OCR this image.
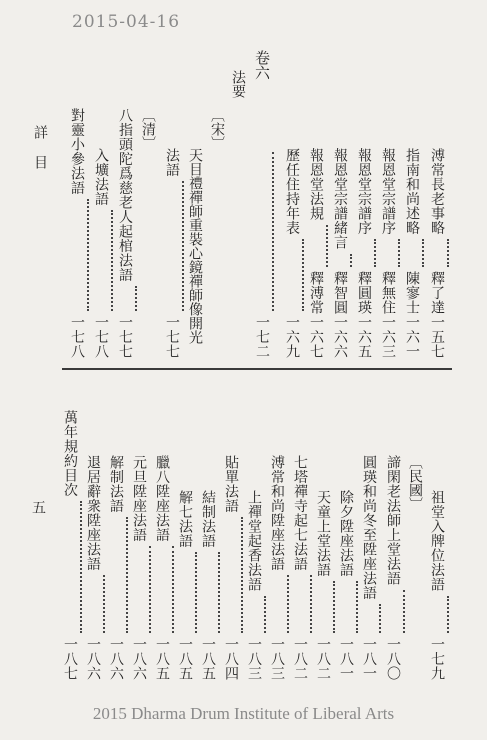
2015-04-16
詳目
五
溥常長老事略
釋了達
一五七
指南和尚述略
陳寥士
一六一
報恩堂宗譜序
釋無住
一六三
報恩堂宗譜序
釋圓瑛
一六五
報恩堂宗譜緒言
釋智圓
一六六
報恩堂法規
釋溥常
一六七
歷任住持年表
一六九
卷六
一七二
法要
〔宋〕
天目禮禪師重裝心鏡禪師像開光
法語
一七七
〔清〕
八指頭陀爲慈老人起棺法語
一七七
入壙法語
一七八
對靈小參法語
一七八
祖堂入牌位法語
一七九
〔民國〕
諦閑老法師上堂法語
一八〇
圓瑛和尚冬至陞座法語
一八一
除夕陞座法語
一八一
天童上堂法語
一八二
七塔禪寺起七法語
一八二
溥常和尚陞座法語
一八三
上禪堂起香法語
一八三
貼單法語
一八四
結制法語
一八五
解七法語
一八五
臘八陞座法語
一八五
元旦陞座法語
一八六
解制法語
一八六
退居辭衆陞座法語
一八六
萬年規約目次
一八七
2015 Dharma Drum Institute of Liberal Arts
